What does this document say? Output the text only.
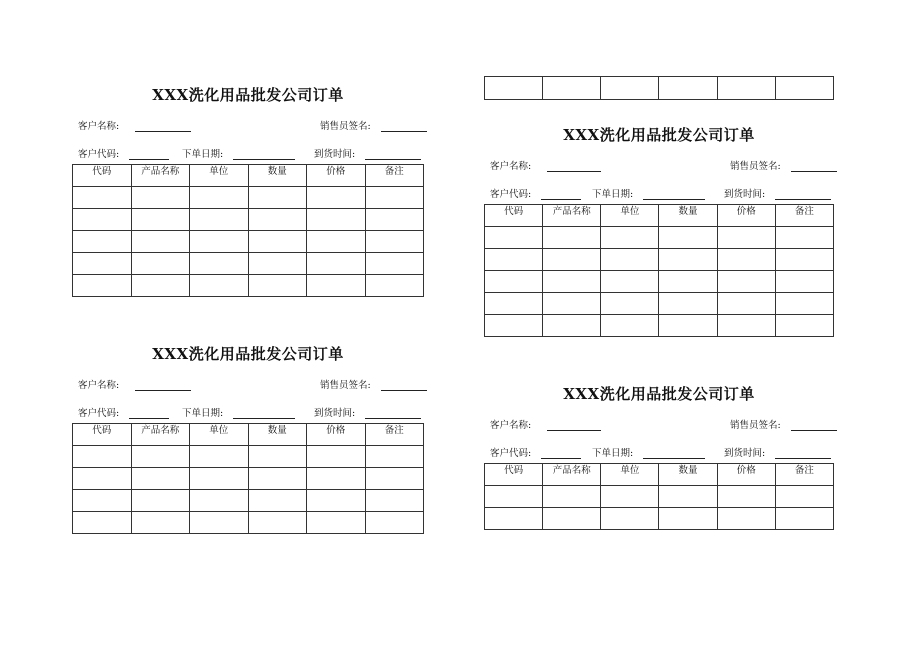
XXX洗化用品批发公司订单
客户名称:	销售员签名:
客户代码:	下单日期:	到货时间:
代码	产品名称	单位	数量	价格	备注

XXX洗化用品批发公司订单
客户名称:	销售员签名:
客户代码:	下单日期:	到货时间:
代码	产品名称	单位	数量	价格	备注

XXX洗化用品批发公司订单
客户名称:	销售员签名:
客户代码:	下单日期:	到货时间:
代码	产品名称	单位	数量	价格	备注

XXX洗化用品批发公司订单
客户名称:	销售员签名:
客户代码:	下单日期:	到货时间:
代码	产品名称	单位	数量	价格	备注
